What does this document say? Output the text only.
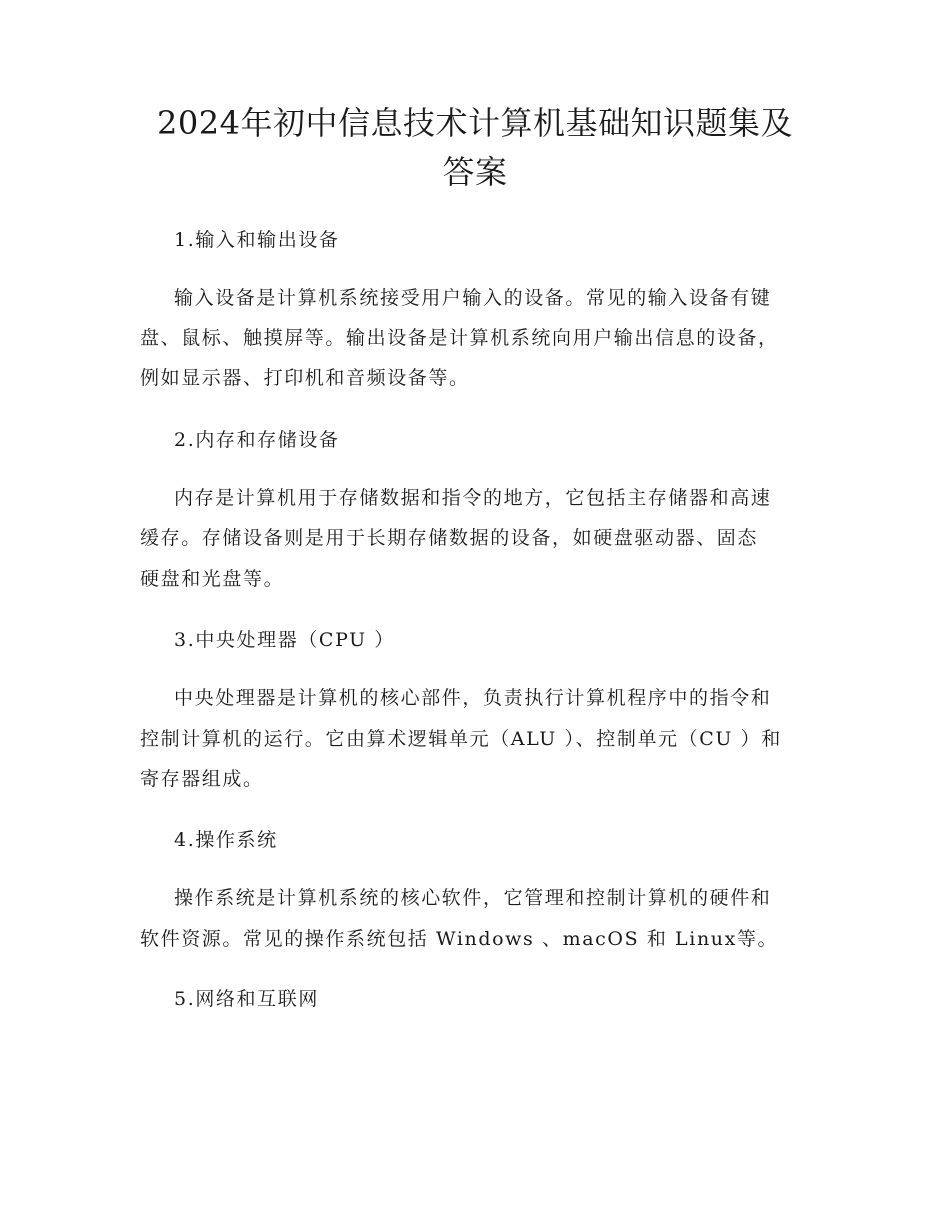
2024年初中信息技术计算机基础知识题集及
答案
1.输入和输出设备
输入设备是计算机系统接受用户输入的设备。常见的输入设备有键
盘、鼠标、触摸屏等。输出设备是计算机系统向用户输出信息的设备，
例如显示器、打印机和音频设备等。
2.内存和存储设备
内存是计算机用于存储数据和指令的地方，它包括主存储器和高速
缓存。存储设备则是用于长期存储数据的设备，如硬盘驱动器、固态
硬盘和光盘等。
3.中央处理器（CPU ）
中央处理器是计算机的核心部件，负责执行计算机程序中的指令和
控制计算机的运行。它由算术逻辑单元（ALU ）、控制单元（CU ）和
寄存器组成。
4.操作系统
操作系统是计算机系统的核心软件，它管理和控制计算机的硬件和
软件资源。常见的操作系统包括 Windows 、macOS 和 Linux等。
5.网络和互联网
